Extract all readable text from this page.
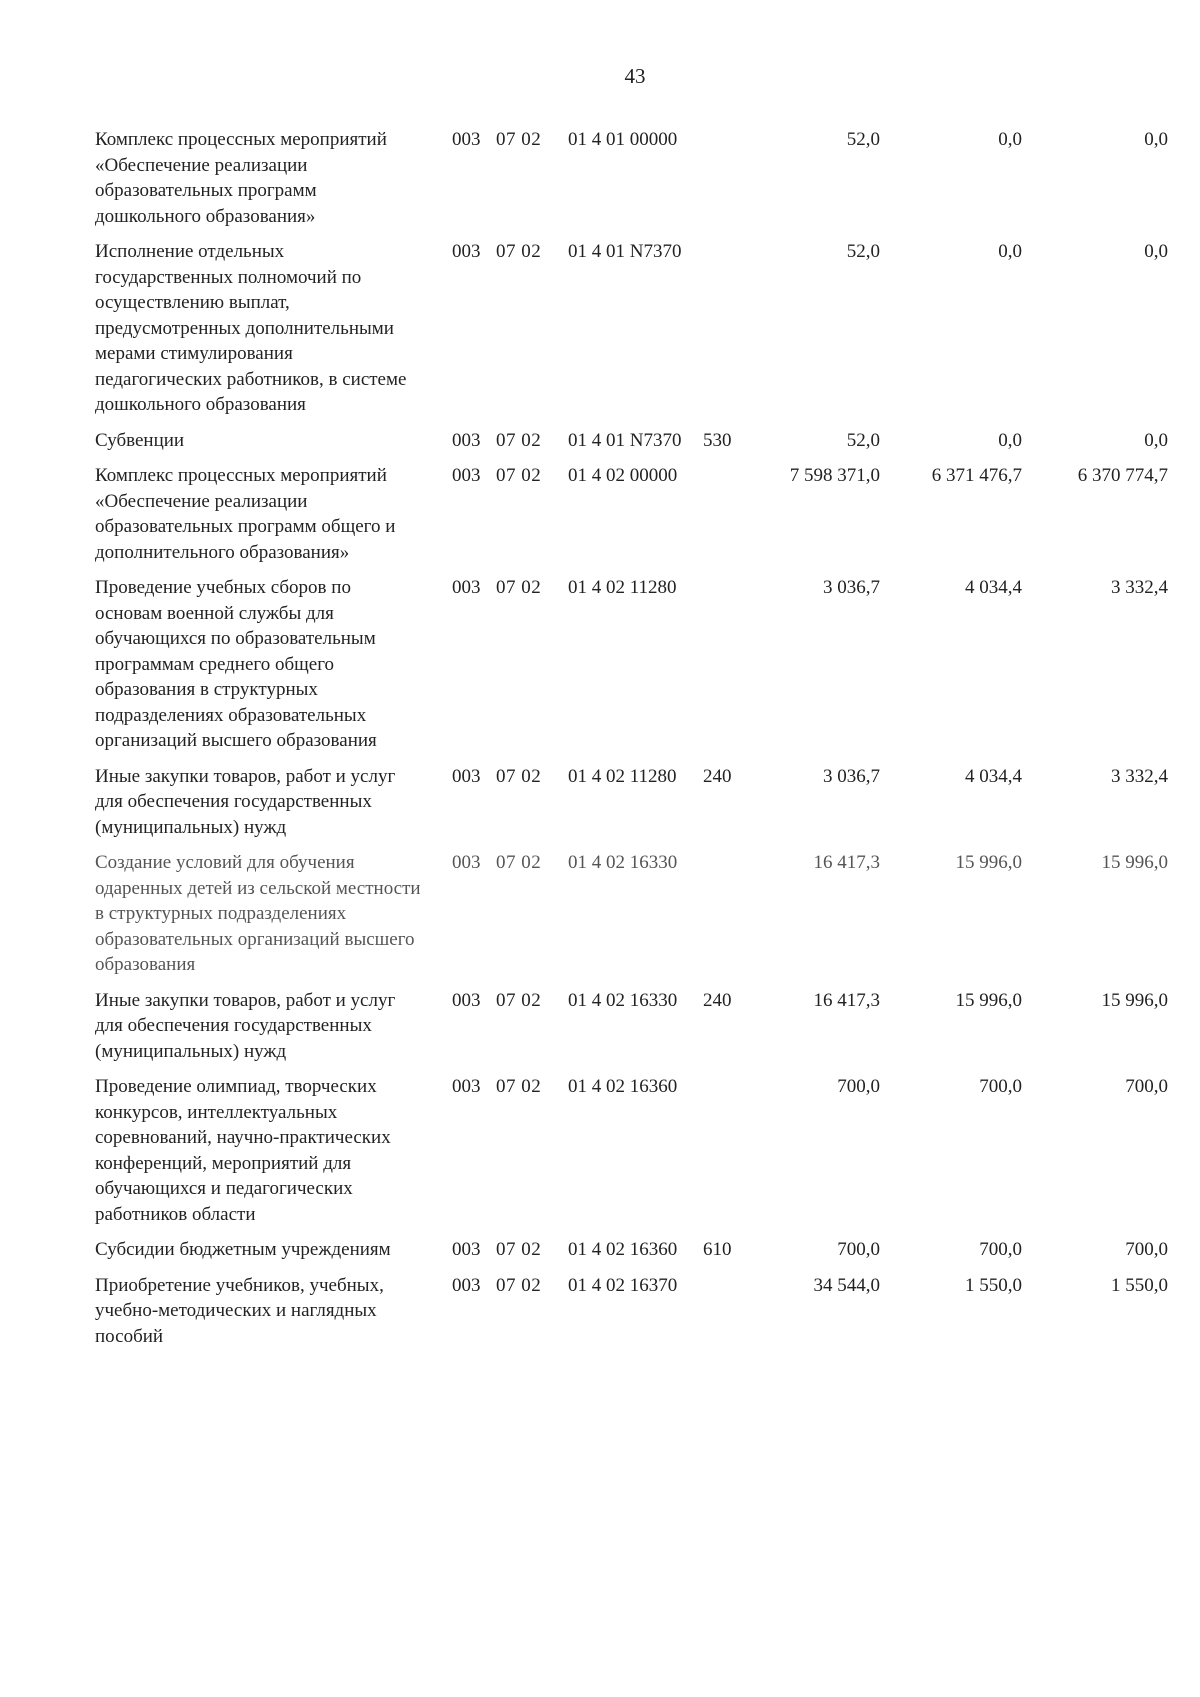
43
Комплекс процессных мероприятий «Обеспечение реализации образовательных программ дошкольного образования»	003	07 02	01 4 01 00000		52,0	0,0	0,0
Исполнение отдельных государственных полномочий по осуществлению выплат, предусмотренных дополнительными мерами стимулирования педагогических работников, в системе дошкольного образования	003	07 02	01 4 01 N7370		52,0	0,0	0,0
Субвенции	003	07 02	01 4 01 N7370	530	52,0	0,0	0,0
Комплекс процессных мероприятий «Обеспечение реализации образовательных программ общего и дополнительного образования»	003	07 02	01 4 02 00000		7 598 371,0	6 371 476,7	6 370 774,7
Проведение учебных сборов по основам военной службы для обучающихся по образовательным программам среднего общего образования в структурных подразделениях образовательных организаций высшего образования	003	07 02	01 4 02 11280		3 036,7	4 034,4	3 332,4
Иные закупки товаров, работ и услуг для обеспечения государственных (муниципальных) нужд	003	07 02	01 4 02 11280	240	3 036,7	4 034,4	3 332,4
Создание условий для обучения одаренных детей из сельской местности в структурных подразделениях образовательных организаций высшего образования	003	07 02	01 4 02 16330		16 417,3	15 996,0	15 996,0
Иные закупки товаров, работ и услуг для обеспечения государственных (муниципальных) нужд	003	07 02	01 4 02 16330	240	16 417,3	15 996,0	15 996,0
Проведение олимпиад, творческих конкурсов, интеллектуальных соревнований, научно-практических конференций, мероприятий для обучающихся и педагогических работников области	003	07 02	01 4 02 16360		700,0	700,0	700,0
Субсидии бюджетным учреждениям	003	07 02	01 4 02 16360	610	700,0	700,0	700,0
Приобретение учебников, учебных, учебно-методических и наглядных пособий	003	07 02	01 4 02 16370		34 544,0	1 550,0	1 550,0
